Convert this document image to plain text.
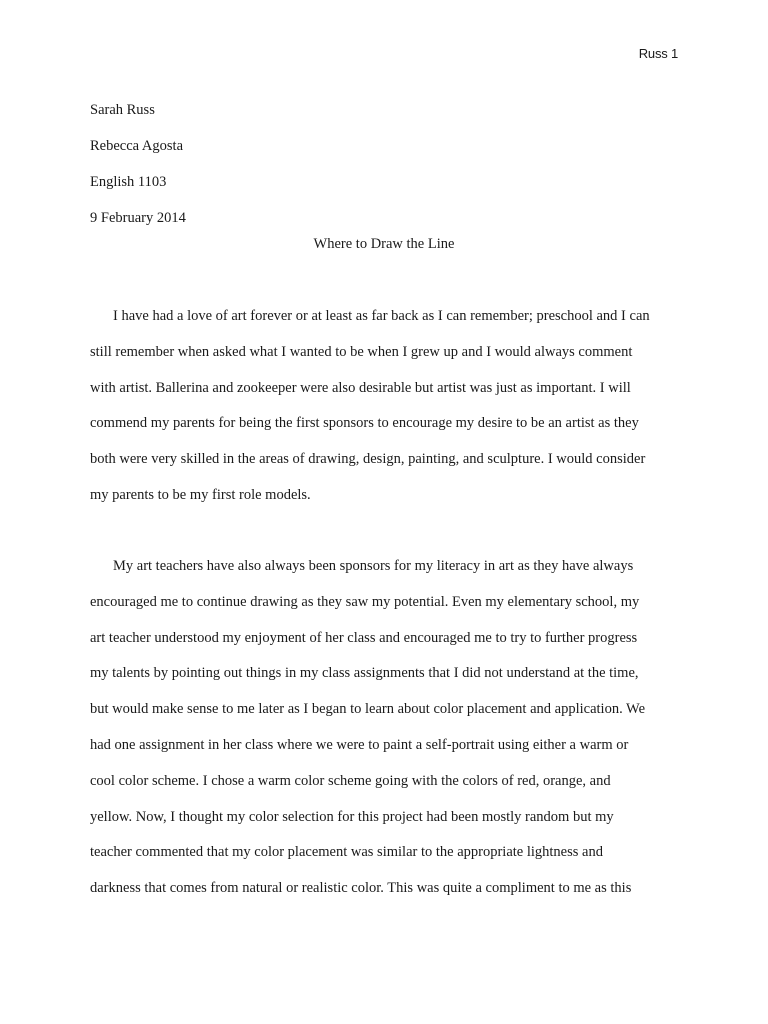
Russ 1
Sarah Russ
Rebecca Agosta
English 1103
9 February 2014
Where to Draw the Line
I have had a love of art forever or at least as far back as I can remember; preschool and I can
still remember when asked what I wanted to be when I grew up and I would always comment
with artist. Ballerina and zookeeper were also desirable but artist was just as important. I will
commend my parents for being the first sponsors to encourage my desire to be an artist as they
both were very skilled in the areas of drawing, design, painting, and sculpture. I would consider
my parents to be my first role models.
My art teachers have also always been sponsors for my literacy in art as they have always
encouraged me to continue drawing as they saw my potential. Even my elementary school, my
art teacher understood my enjoyment of her class and encouraged me to try to further progress
my talents by pointing out things in my class assignments that I did not understand at the time,
but would make sense to me later as I began to learn about color placement and application. We
had one assignment in her class where we were to paint a self-portrait using either a warm or
cool color scheme. I chose a warm color scheme going with the colors of red, orange, and
yellow. Now, I thought my color selection for this project had been mostly random but my
teacher commented that my color placement was similar to the appropriate lightness and
darkness that comes from natural or realistic color. This was quite a compliment to me as this
